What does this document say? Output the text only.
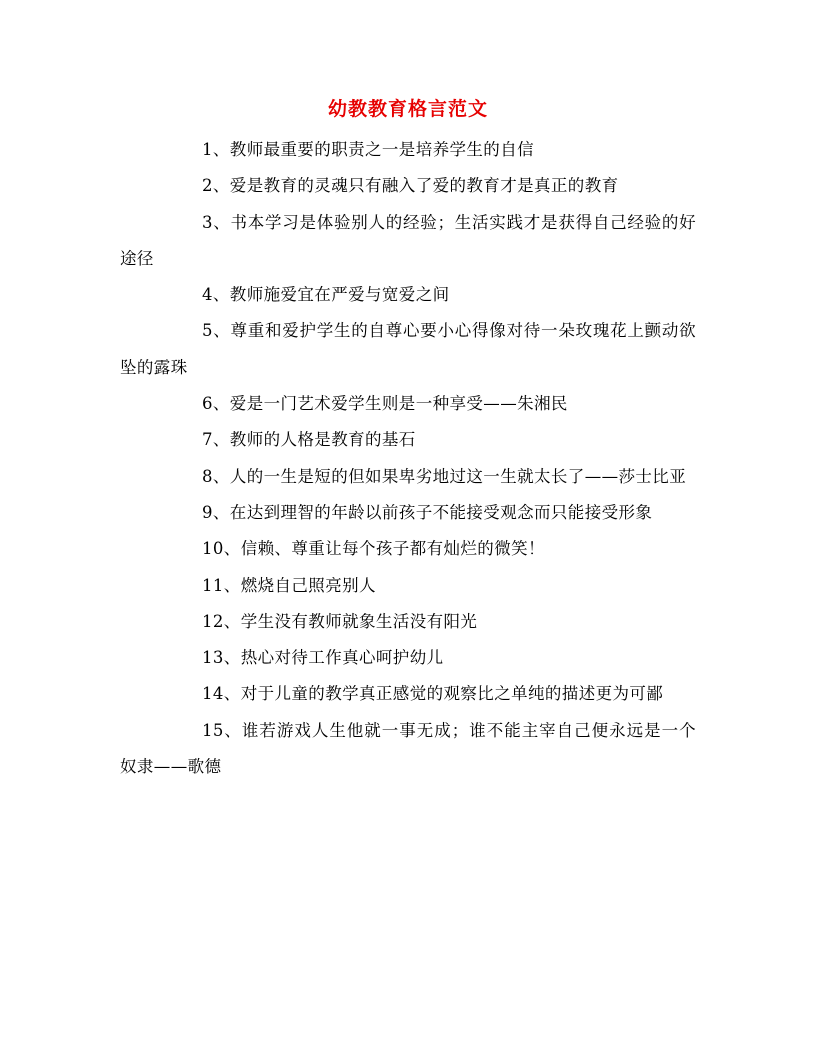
幼教教育格言范文

1、教师最重要的职责之一是培养学生的自信

2、爱是教育的灵魂只有融入了爱的教育才是真正的教育

3、书本学习是体验别人的经验；生活实践才是获得自己经验的好途径

4、教师施爱宜在严爱与宽爱之间

5、尊重和爱护学生的自尊心要小心得像对待一朵玫瑰花上颤动欲坠的露珠

6、爱是一门艺术爱学生则是一种享受——朱湘民

7、教师的人格是教育的基石

8、人的一生是短的但如果卑劣地过这一生就太长了——莎士比亚

9、在达到理智的年龄以前孩子不能接受观念而只能接受形象

10、信赖、尊重让每个孩子都有灿烂的微笑！

11、燃烧自己照亮别人

12、学生没有教师就象生活没有阳光

13、热心对待工作真心呵护幼儿

14、对于儿童的教学真正感觉的观察比之单纯的描述更为可鄙

15、谁若游戏人生他就一事无成；谁不能主宰自己便永远是一个奴隶——歌德
